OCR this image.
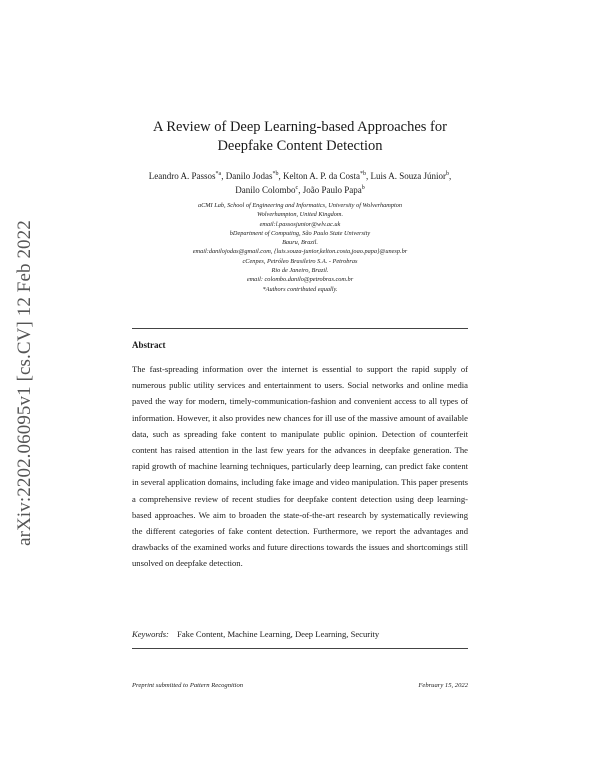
arXiv:2202.06095v1 [cs.CV] 12 Feb 2022
A Review of Deep Learning-based Approaches for
Deepfake Content Detection
Leandro A. Passos$^{*a}$, Danilo Jodas$^{*b}$, Kelton A. P. da Costa$^{*b}$, Luis A. Souza Júnior$^b$, Danilo Colombo$^c$, João Paulo Papa$^b$
aCMI Lab, School of Engineering and Informatics, University of Wolverhampton
Wolverhampton, United Kingdom.
email:l.passosjunior@wlv.ac.uk
bDepartment of Computing, São Paulo State University
Bauru, Brazil.
email:danilojodas@gmail.com, {luis.souza-junior,kelton.costa,joao.papa}@unesp.br
cCenpes, Petróleo Brasileiro S.A. - Petrobras
Rio de Janeiro, Brazil.
email: colombo.danilo@petrobras.com.br
*Authors contributed equally.
Abstract
The fast-spreading information over the internet is essential to support the rapid supply of numerous public utility services and entertainment to users. Social networks and online media paved the way for modern, timely-communication-fashion and convenient access to all types of information. However, it also provides new chances for ill use of the massive amount of available data, such as spreading fake content to manipulate public opinion. Detection of counterfeit content has raised attention in the last few years for the advances in deepfake generation. The rapid growth of machine learning techniques, particularly deep learning, can predict fake content in several application domains, including fake image and video manipulation. This paper presents a comprehensive review of recent studies for deepfake content detection using deep learning-based approaches. We aim to broaden the state-of-the-art research by systematically reviewing the different categories of fake content detection. Furthermore, we report the advantages and drawbacks of the examined works and future directions towards the issues and shortcomings still unsolved on deepfake detection.
Keywords: Fake Content, Machine Learning, Deep Learning, Security
Preprint submitted to Pattern Recognition	February 15, 2022
